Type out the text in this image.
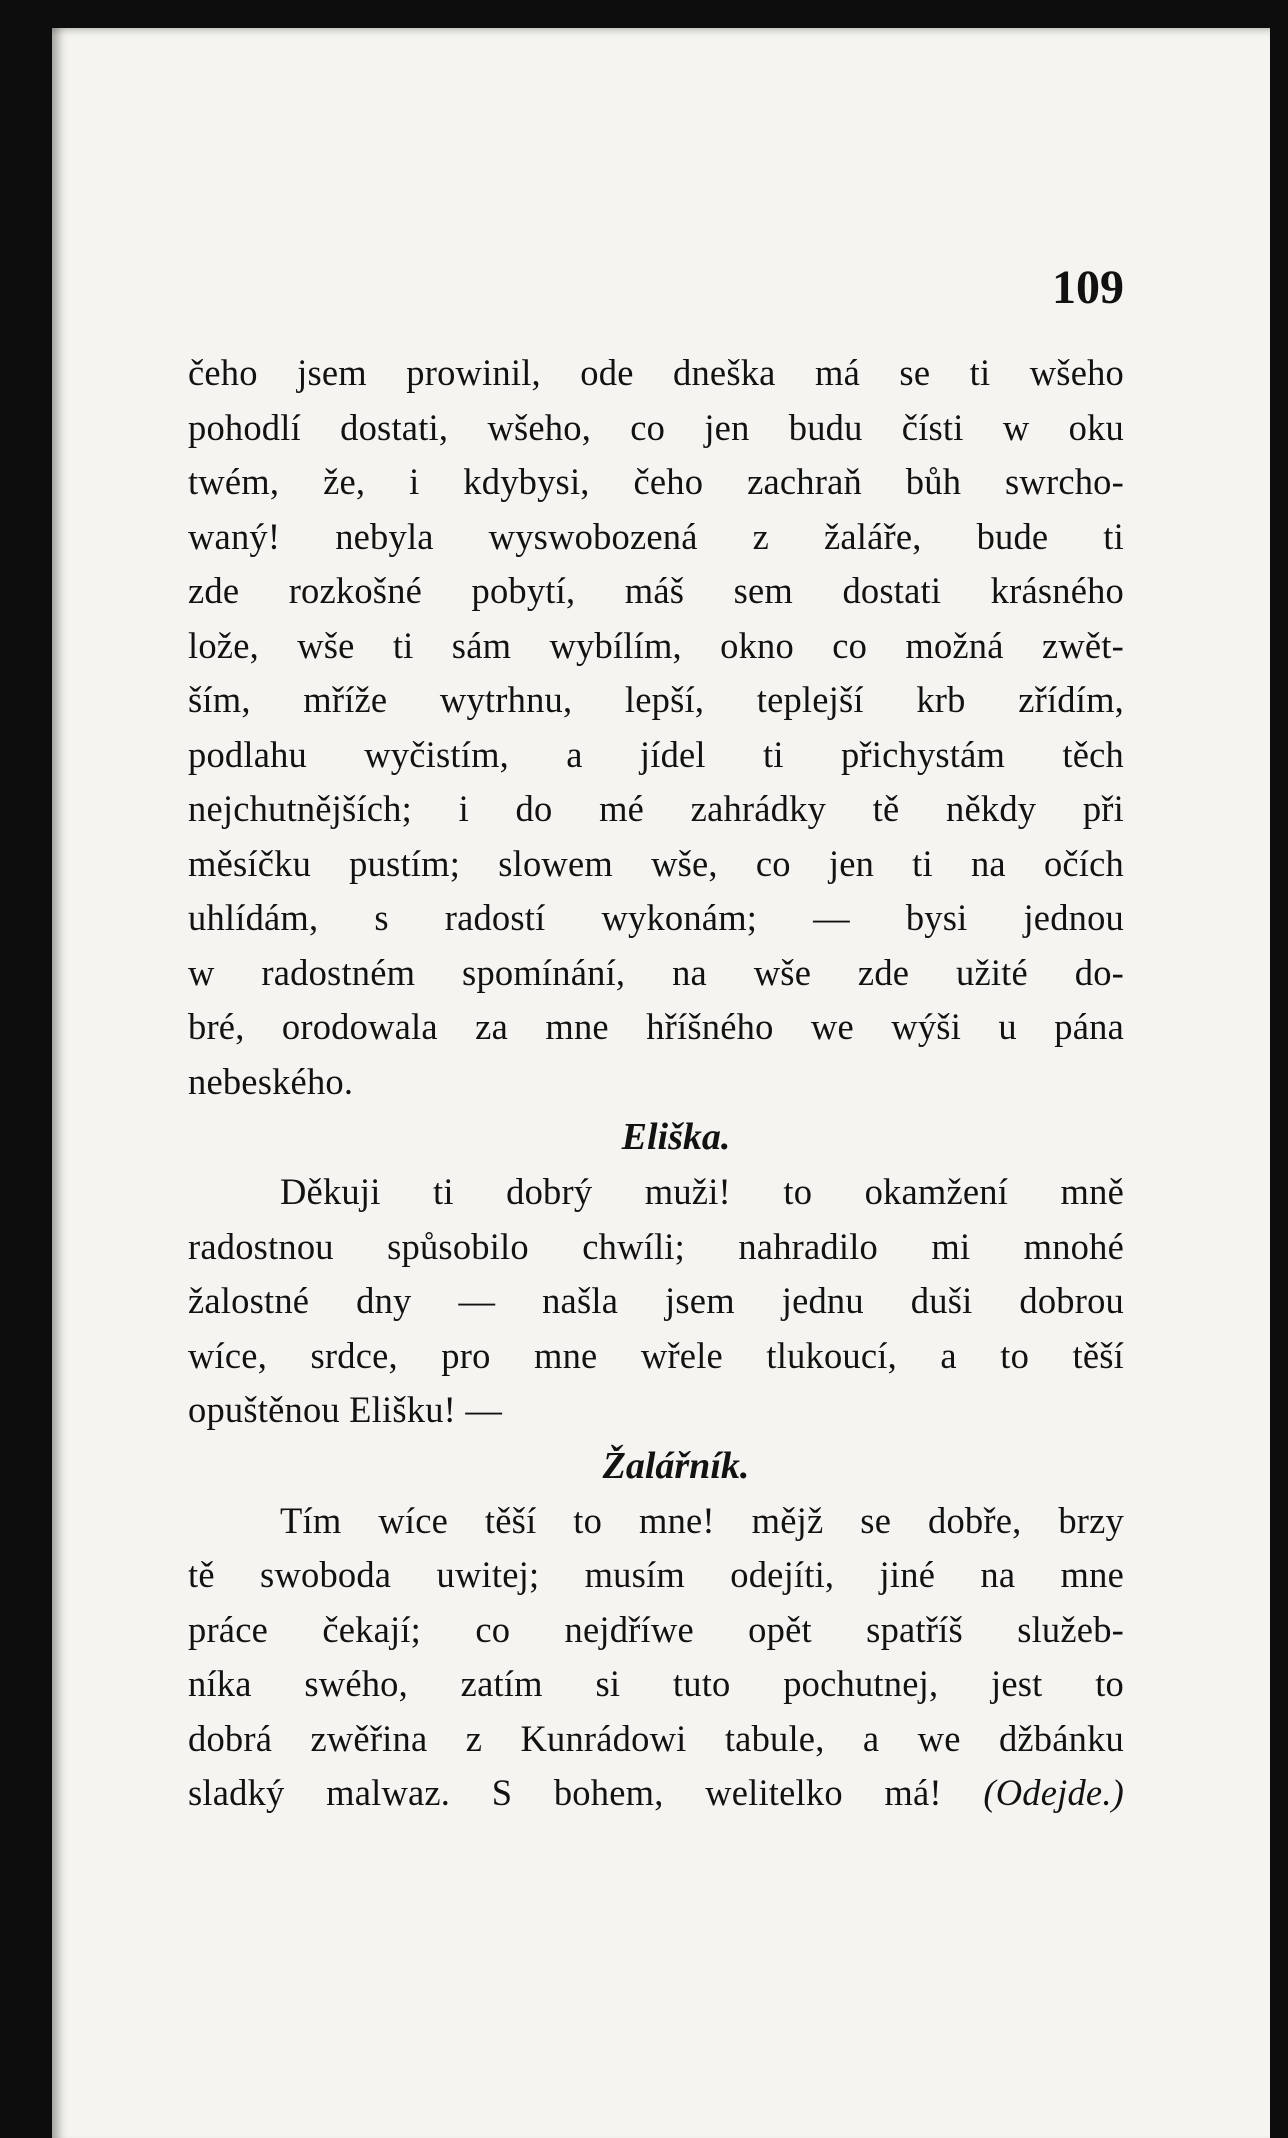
109
čeho jsem prowinil, ode dneška má se ti wšeho
pohodlí dostati, wšeho, co jen budu čísti w oku
twém, že, i kdybysi, čeho zachraň bůh swrcho-
waný! nebyla wyswobozená z žaláře, bude ti
zde rozkošné pobytí, máš sem dostati krásného
lože, wše ti sám wybílím, okno co možná zwět-
ším, mříže wytrhnu, lepší, teplejší krb zřídím,
podlahu wyčistím, a jídel ti přichystám těch
nejchutnějších; i do mé zahrádky tě někdy při
měsíčku pustím; slowem wše, co jen ti na očích
uhlídám, s radostí wykonám; — bysi jednou
w radostném spomínání, na wše zde užité do-
bré, orodowala za mne hříšného we wýši u pána
nebeského.
Eliška.
Děkuji ti dobrý muži! to okamžení mně
radostnou spůsobilo chwíli; nahradilo mi mnohé
žalostné dny — našla jsem jednu duši dobrou
wíce, srdce, pro mne wřele tlukoucí, a to těší
opuštěnou Elišku! —
Žalářník.
Tím wíce těší to mne! mějž se dobře, brzy
tě swoboda uwitej; musím odejíti, jiné na mne
práce čekají; co nejdříwe opět spatříš služeb-
níka swého, zatím si tuto pochutnej, jest to
dobrá zwěřina z Kunrádowi tabule, a we džbánku
sladký malwaz. S bohem, welitelko má! (Odejde.)
